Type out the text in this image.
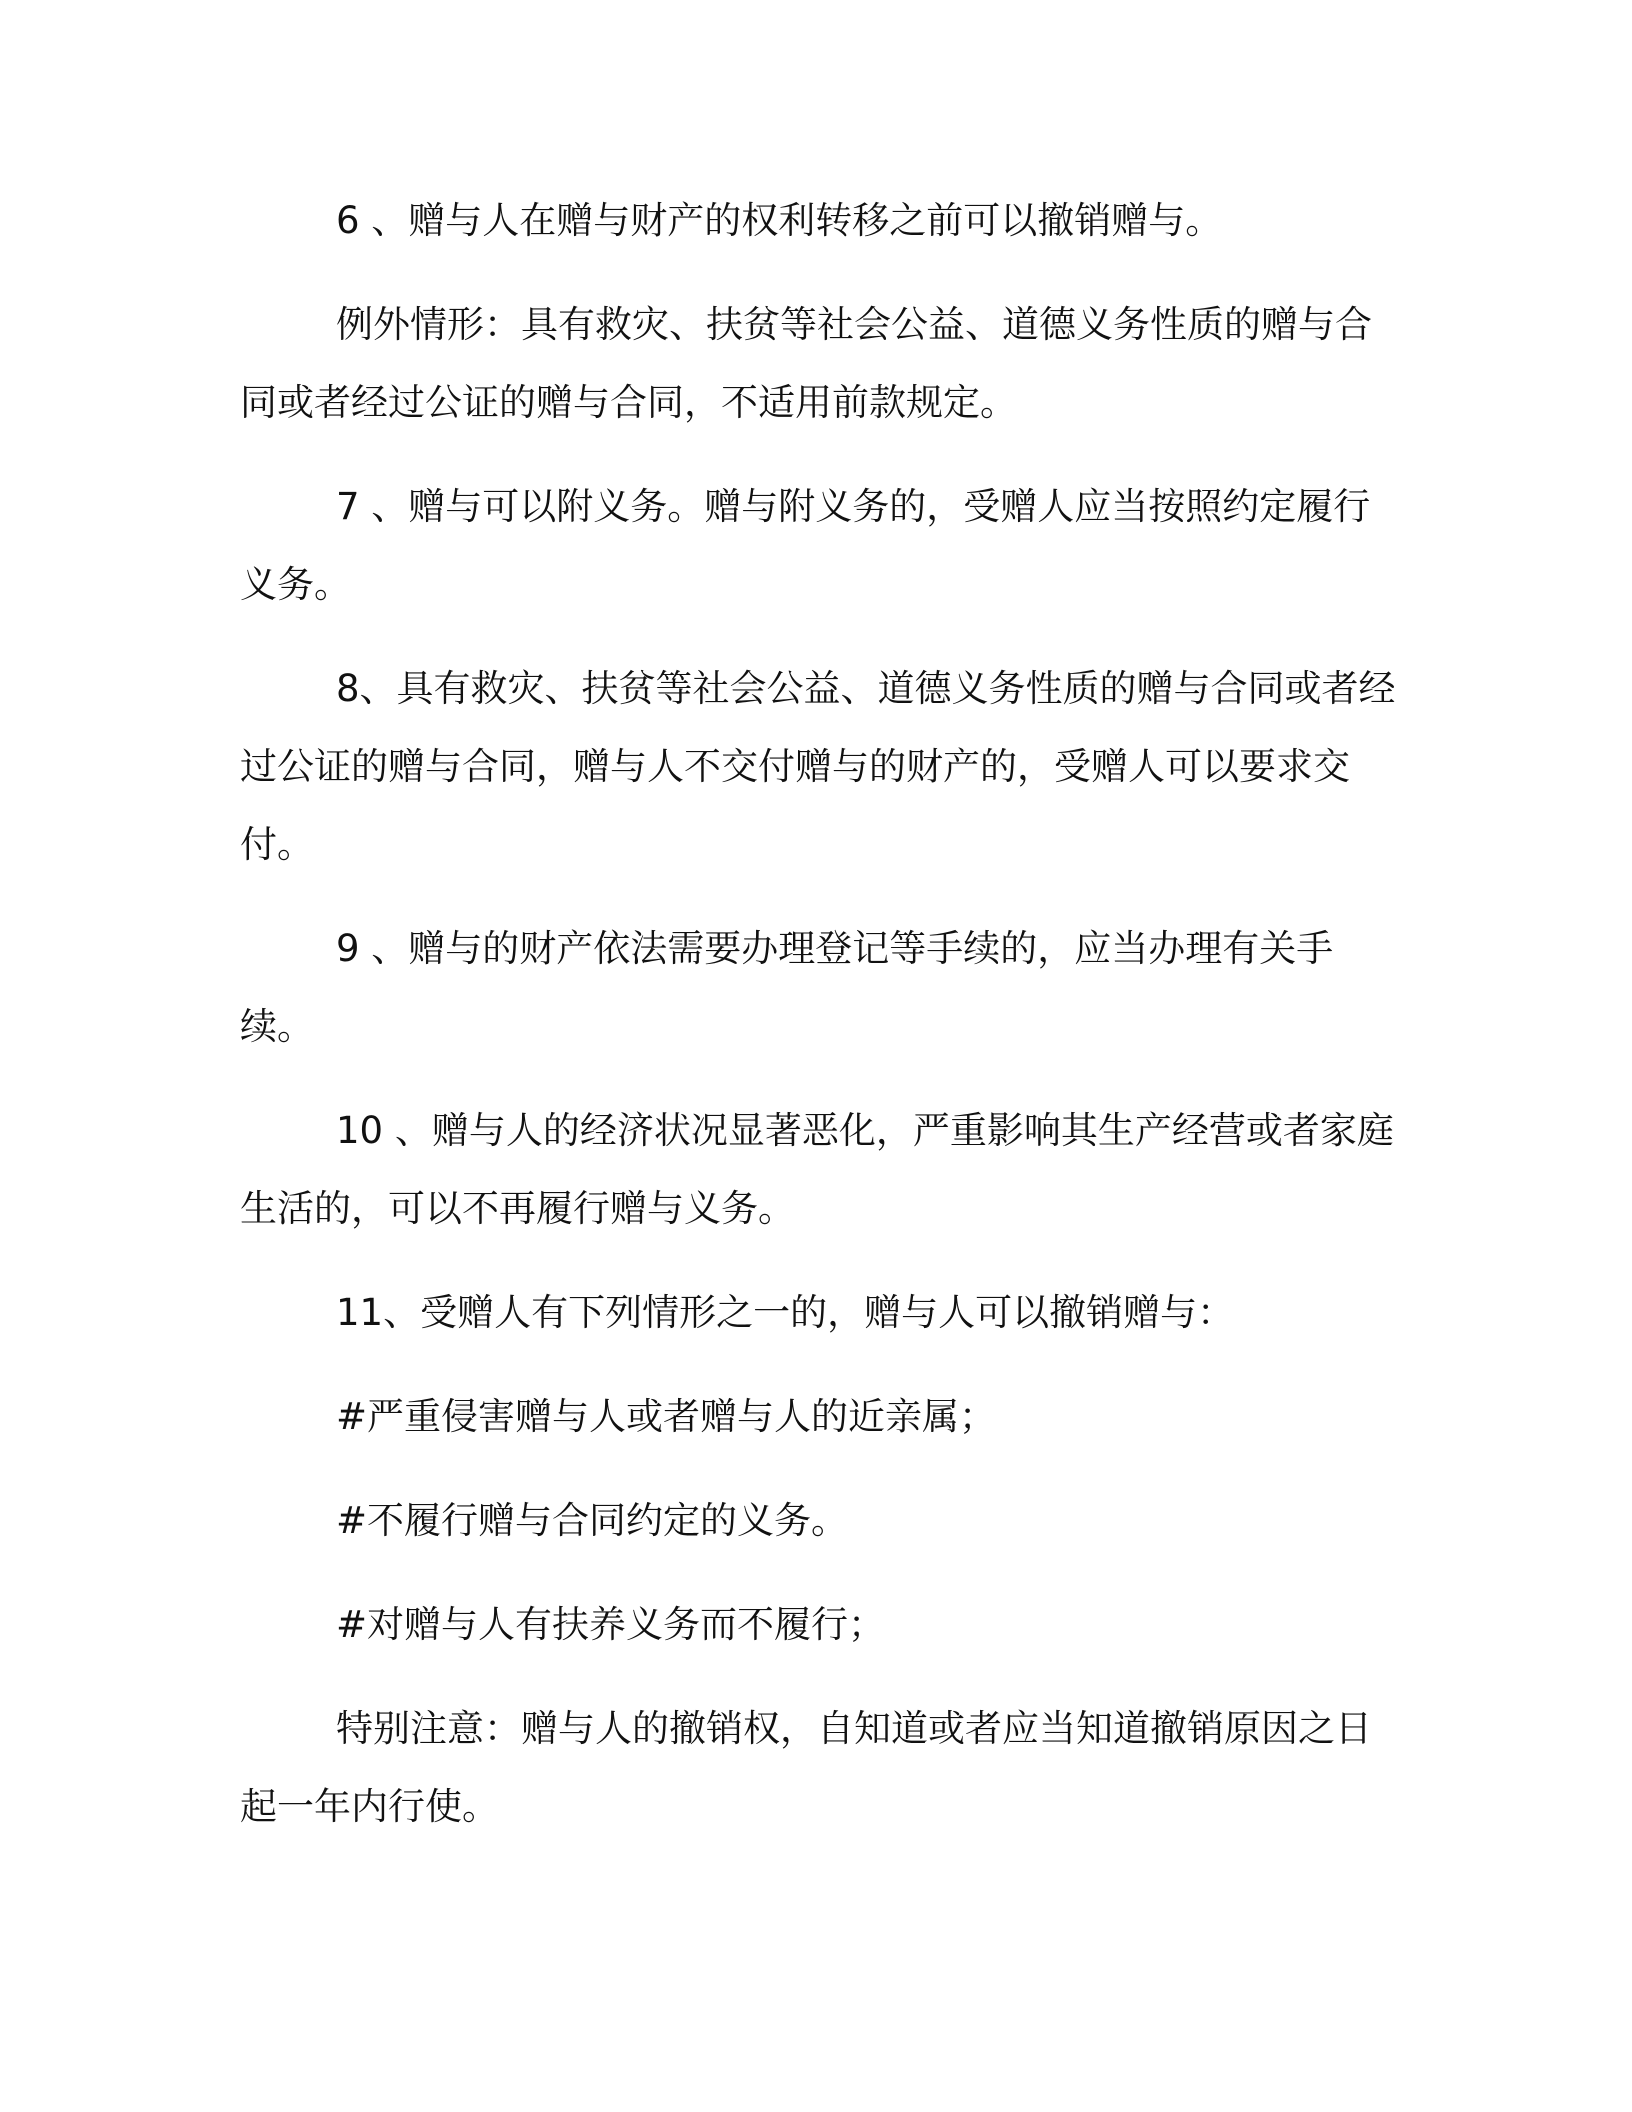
6 、赠与人在赠与财产的权利转移之前可以撤销赠与。

例外情形：具有救灾、扶贫等社会公益、道德义务性质的赠与合同或者经过公证的赠与合同，不适用前款规定。

7 、赠与可以附义务。赠与附义务的，受赠人应当按照约定履行义务。

8、具有救灾、扶贫等社会公益、道德义务性质的赠与合同或者经过公证的赠与合同，赠与人不交付赠与的财产的，受赠人可以要求交付。

9 、赠与的财产依法需要办理登记等手续的，应当办理有关手续。

10 、赠与人的经济状况显著恶化，严重影响其生产经营或者家庭生活的，可以不再履行赠与义务。

11、受赠人有下列情形之一的，赠与人可以撤销赠与：

#严重侵害赠与人或者赠与人的近亲属；

#不履行赠与合同约定的义务。

#对赠与人有扶养义务而不履行；

特别注意：赠与人的撤销权，自知道或者应当知道撤销原因之日起一年内行使。
